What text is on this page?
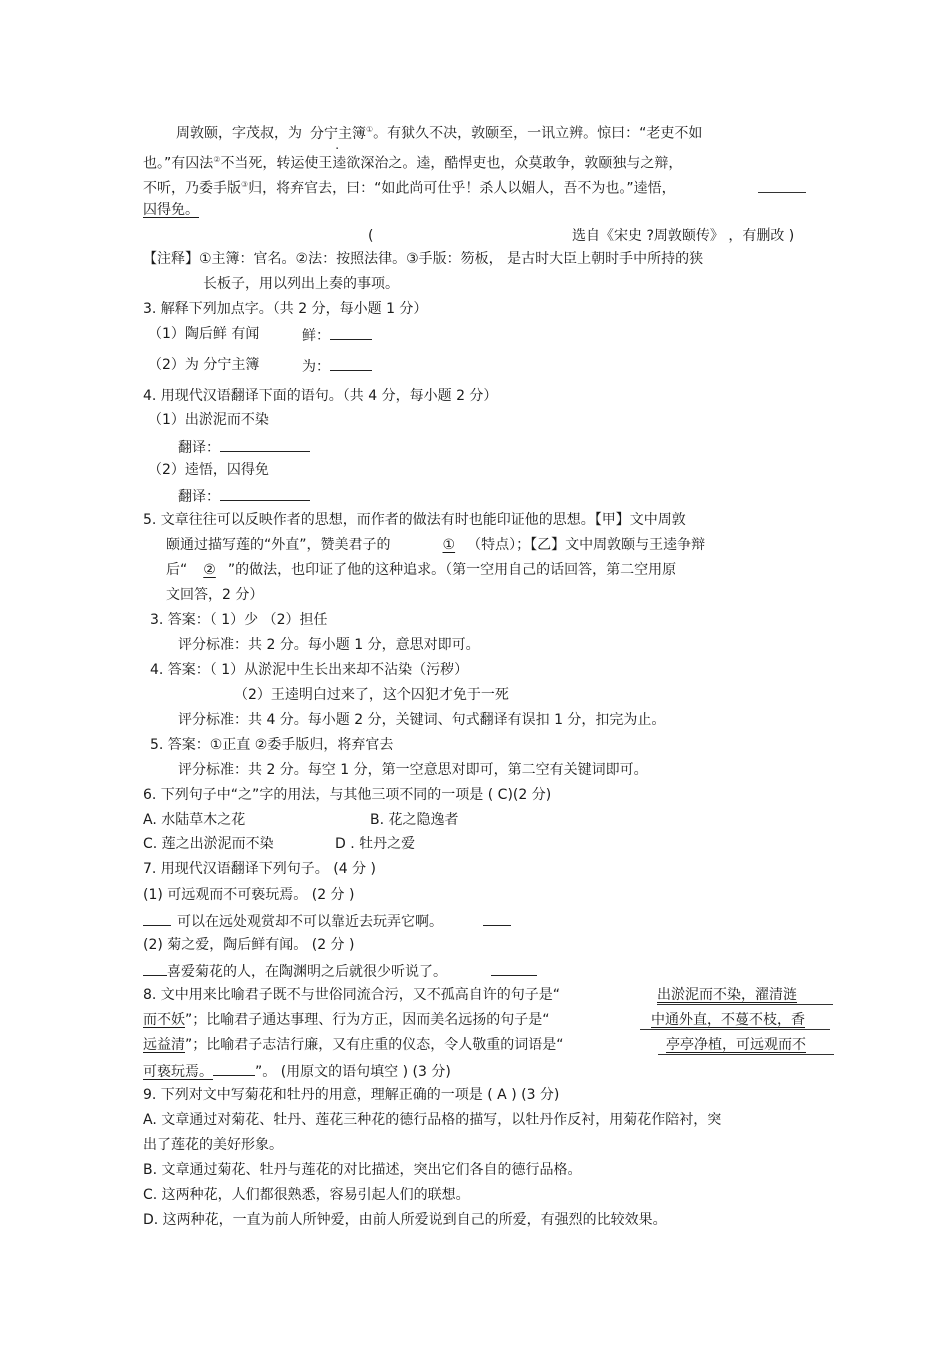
周敦颐，字茂叔，为 分宁主簿①。有狱久不决，敦颐至，一讯立辨。惊曰：“老吏不如
也。”有囚法②不当死，转运使王逵欲深治之。逵，酷悍吏也，众莫敢争，敦颐独与之辩，
不听，乃委手版③归，将弃官去，曰：“如此尚可仕乎！杀人以媚人，吾不为也。”逵悟，
囚得免。
(	选自《宋史 ?周敦颐传》 ，有删改 )
【注释】①主簿：官名。②法：按照法律。③手版：笏板， 是古时大臣上朝时手中所持的狭
长板子，用以列出上奏的事项。
3. 解释下列加点字。（共 2 分，每小题 1 分）
（1）陶后鲜 有闻	鲜：
（2）为 分宁主簿	为：
4. 用现代汉语翻译下面的语句。（共 4 分，每小题 2 分）
（1）出淤泥而不染
翻译：
（2）逵悟，囚得免
翻译：
5. 文章往往可以反映作者的思想，而作者的做法有时也能印证他的思想。【甲】文中周敦
颐通过描写莲的“外直”，赞美君子的	① （特点）；【乙】文中周敦颐与王逵争辩
后“ ② ”的做法，也印证了他的这种追求。（第一空用自己的话回答，第二空用原
文回答，2 分）
3. 答案：（ 1）少 （2）担任
评分标准：共 2 分。每小题 1 分，意思对即可。
4. 答案：（ 1）从淤泥中生长出来却不沾染（污秽）
（2）王逵明白过来了，这个囚犯才免于一死
评分标准：共 4 分。每小题 2 分，关键词、句式翻译有误扣 1 分，扣完为止。
5. 答案：①正直 ②委手版归，将弃官去
评分标准：共 2 分。每空 1 分，第一空意思对即可，第二空有关键词即可。
6. 下列句子中“之”字的用法，与其他三项不同的一项是 ( C)(2 分)
A. 水陆草木之花	B. 花之隐逸者
C. 莲之出淤泥而不染	D . 牡丹之爱
7. 用现代汉语翻译下列句子。 (4 分 )
(1) 可远观而不可亵玩焉。 (2 分 )
可以在远处观赏却不可以靠近去玩弄它啊。
(2) 菊之爱，陶后鲜有闻。 (2 分 )
喜爱菊花的人，在陶渊明之后就很少听说了。
8. 文中用来比喻君子既不与世俗同流合污，又不孤高自许的句子是“	出淤泥而不染，濯清涟
而不妖”；比喻君子通达事理、行为方正，因而美名远扬的句子是“	中通外直，不蔓不枝，香
远益清”；比喻君子志洁行廉，又有庄重的仪态，令人敬重的词语是“	亭亭净植，可远观而不
可亵玩焉。	”。 (用原文的语句填空 ) (3 分)
9. 下列对文中写菊花和牡丹的用意，理解正确的一项是 ( A ) (3 分)
A. 文章通过对菊花、牡丹、莲花三种花的德行品格的描写，以牡丹作反衬，用菊花作陪衬，突
出了莲花的美好形象。
B. 文章通过菊花、牡丹与莲花的对比描述，突出它们各自的德行品格。
C. 这两种花，人们都很熟悉，容易引起人们的联想。
D. 这两种花，一直为前人所钟爱，由前人所爱说到自己的所爱，有强烈的比较效果。
